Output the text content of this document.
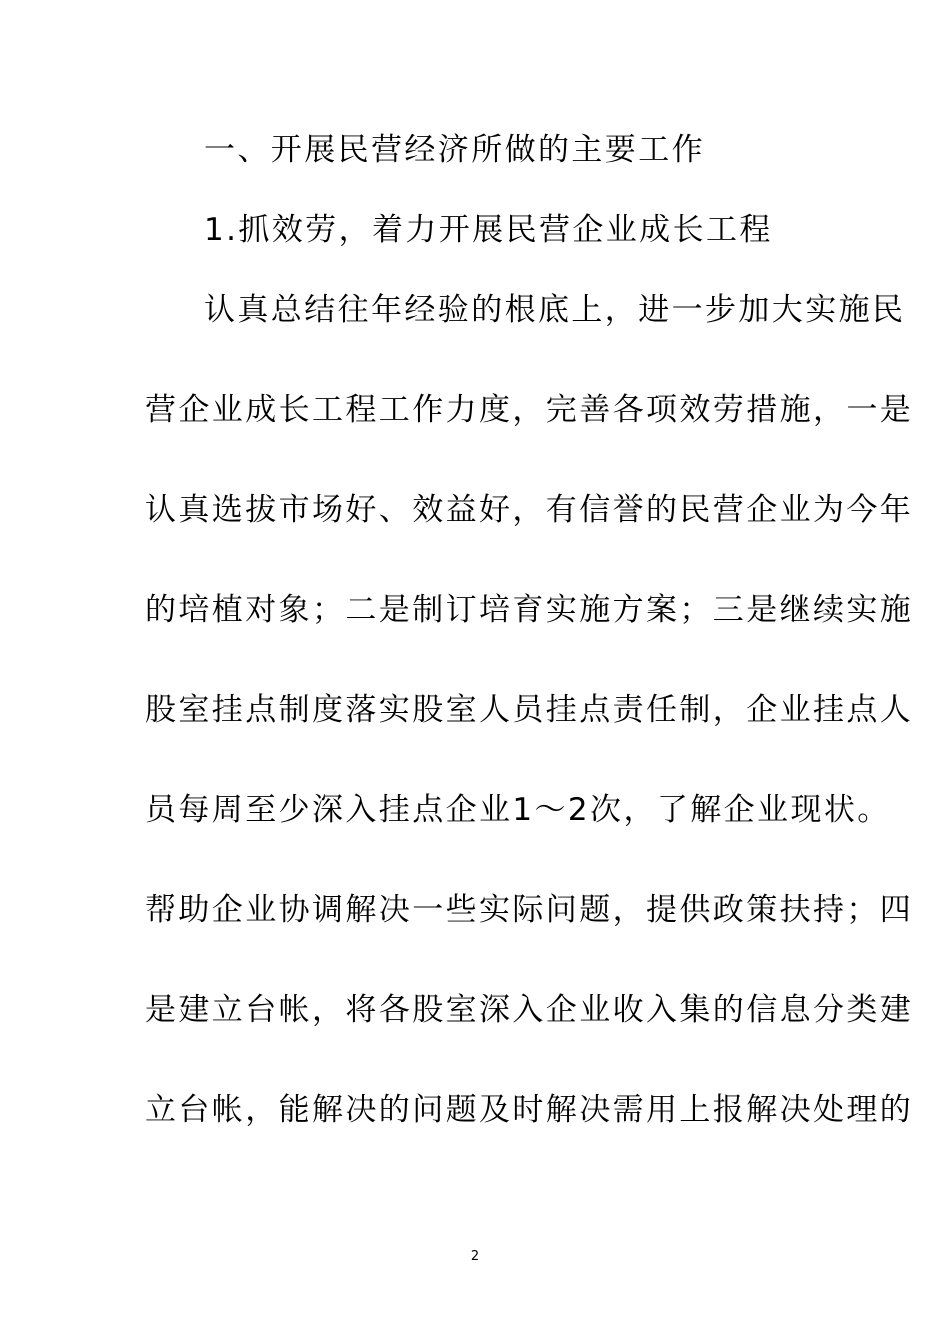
一、开展民营经济所做的主要工作
1.抓效劳，着力开展民营企业成长工程
认真总结往年经验的根底上，进一步加大实施民
营企业成长工程工作力度，完善各项效劳措施，一是
认真选拔市场好、效益好，有信誉的民营企业为今年
的培植对象；二是制订培育实施方案；三是继续实施
股室挂点制度落实股室人员挂点责任制，企业挂点人
员每周至少深入挂点企业1～2次，了解企业现状。
帮助企业协调解决一些实际问题，提供政策扶持；四
是建立台帐，将各股室深入企业收入集的信息分类建
立台帐，能解决的问题及时解决需用上报解决处理的
2
